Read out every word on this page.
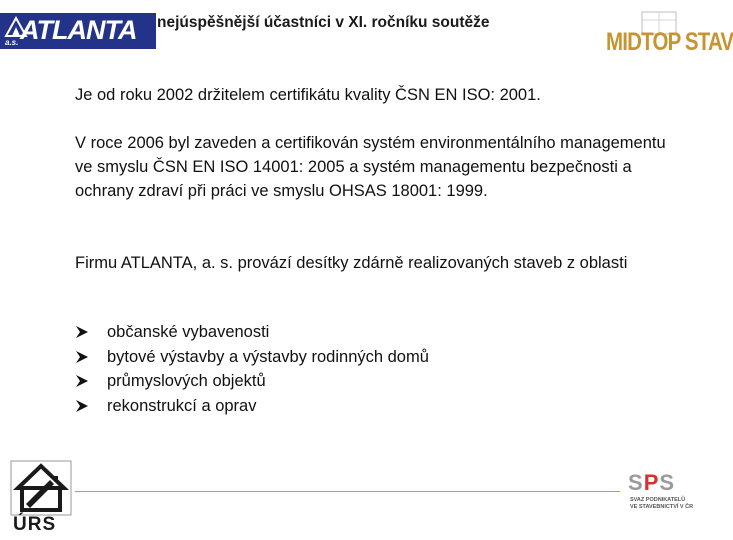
ATLANTA
a.s.
nejúspěšnější účastníci v XI. ročníku soutěže
MIDTOP STAV

Je od roku 2002 držitelem certifikátu kvality ČSN EN ISO: 2001.

V roce 2006 byl zaveden a certifikován systém environmentálního managementu ve smyslu ČSN EN ISO 14001: 2005 a systém managementu bezpečnosti a ochrany zdraví při práci ve smyslu OHSAS 18001: 1999.

Firmu ATLANTA, a. s. provází desítky zdárně realizovaných staveb z oblasti

občanské vybavenosti
bytové výstavby a výstavby rodinných domů
průmyslových objektů
rekonstrukcí a oprav
ÚRS
SPS
SVAZ PODNIKATELŮ
VE STAVEBNICTVÍ V ČR
